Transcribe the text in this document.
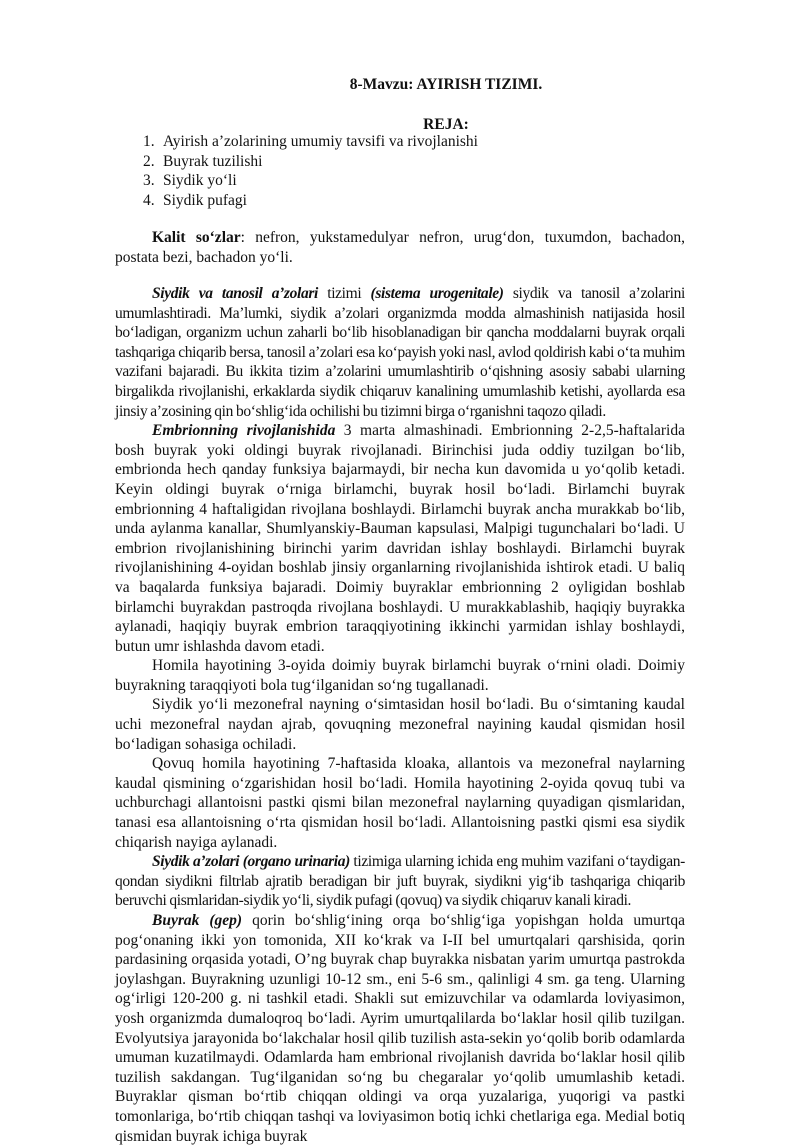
8-Mavzu: AYIRISH TIZIMI.
REJA:
1. Ayirish a’zolarining umumiy tavsifi va rivojlanishi
2. Buyrak tuzilishi
3. Siydik yo‘li
4. Siydik pufagi
Kalit so‘zlar: nefron, yukstamedulyar nefron, urug‘don, tuxumdon, bachadon, postata bezi, bachadon yo‘li.

Siydik va tanosil a’zolari tizimi (sistema urogenitale) siydik va tanosil a’zolarini umumlashtiradi. Ma’lumki, siydik a’zolari organizmda modda almashinish natijasida hosil bo‘ladigan, organizm uchun zaharli bo‘lib hisoblanadigan bir qancha moddalarni buyrak orqali tashqariga chiqarib bersa, tanosil a’zolari esa ko‘payish yoki nasl, avlod qoldirish kabi o‘ta muhim vazifani bajaradi. Bu ikkita tizim a’zolarini umumlashtirib o‘qishning asosiy sababi ularning birgalikda rivojlanishi, erkaklarda siydik chiqaruv kanalining umumlashib ketishi, ayollarda esa jinsiy a’zosining qin bo‘shlig‘ida ochilishi bu tizimni birga o‘rganishni taqozo qiladi.

Embrionning rivojlanishida 3 marta almashinadi. Embrionning 2-2,5-haftalarida bosh buyrak yoki oldingi buyrak rivojlanadi. Birinchisi juda oddiy tuzilgan bo‘lib, embrionda hech qanday funksiya bajarmaydi, bir necha kun davomida u yo‘qolib ketadi. Keyin oldingi buyrak o‘rniga birlamchi, buyrak hosil bo‘ladi. Birlamchi buyrak embrionning 4 haftaligidan rivojlana boshlaydi. Birlamchi buyrak ancha murakkab bo‘lib, unda aylanma kanallar, Shumlyanskiy-Bauman kapsulasi, Malpigi tugunchalari bo‘ladi. U embrion rivojlanishining birinchi yarim davridan ishlay boshlaydi. Birlamchi buyrak rivojlanishining 4-oyidan boshlab jinsiy organlarning rivojlanishida ishtirok etadi. U baliq va baqalarda funksiya bajaradi. Doimiy buyraklar embrionning 2 oyligidan boshlab birlamchi buyrakdan pastroqda rivojlana boshlaydi. U murakkablashib, haqiqiy buyrakka aylanadi, haqiqiy buyrak embrion taraqqiyotining ikkinchi yarmidan ishlay boshlaydi, butun umr ishlashda davom etadi.

Homila hayotining 3-oyida doimiy buyrak birlamchi buyrak o‘rnini oladi. Doimiy buyrakning taraqqiyoti bola tug‘ilganidan so‘ng tugallanadi.

Siydik yo‘li mezonefral nayning o‘simtasidan hosil bo‘ladi. Bu o‘simtaning kaudal uchi mezonefral naydan ajrab, qovuqning mezonefral nayining kaudal qismidan hosil bo‘ladigan sohasiga ochiladi.

Qovuq homila hayotining 7-haftasida kloaka, allantois va mezonefral naylarning kaudal qismining o‘zgarishidan hosil bo‘ladi. Homila hayotining 2-oyida qovuq tubi va uchburchagi allantoisni pastki qismi bilan mezonefral naylarning quyadigan qismlaridan, tanasi esa allantoisning o‘rta qismidan hosil bo‘ladi. Allantoisning pastki qismi esa siydik chiqarish nayiga aylanadi.

Siydik a’zolari (organo urinaria) tizimiga ularning ichida eng muhim vazifani o‘taydigan-qondan siydikni filtrlab ajratib beradigan bir juft buyrak, siydikni yig‘ib tashqariga chiqarib beruvchi qismlaridan-siydik yo‘li, siydik pufagi (qovuq) va siydik chiqaruv kanali kiradi.

Buyrak (gep) qorin bo‘shlig‘ining orqa bo‘shlig‘iga yopishgan holda umurtqa pog‘onaning ikki yon tomonida, XII ko‘krak va I-II bel umurtqalari qarshisida, qorin pardasining orqasida yotadi, O’ng buyrak chap buyrakka nisbatan yarim umurtqa pastrokda joylashgan. Buyrakning uzunligi 10-12 sm., eni 5-6 sm., qalinligi 4 sm. ga teng. Ularning og‘irligi 120-200 g. ni tashkil etadi. Shakli sut emizuvchilar va odamlarda loviyasimon, yosh organizmda dumaloqroq bo‘ladi. Ayrim umurtqalilarda bo‘laklar hosil qilib tuzilgan. Evolyutsiya jarayonida bo‘lakchalar hosil qilib tuzilish asta-sekin yo‘qolib borib odamlarda umuman kuzatilmaydi. Odamlarda ham embrional rivojlanish davrida bo‘laklar hosil qilib tuzilish sakdangan. Tug‘ilganidan so‘ng bu chegaralar yo‘qolib umumlashib ketadi. Buyraklar qisman bo‘rtib chiqqan oldingi va orqa yuzalariga, yuqorigi va pastki tomonlariga, bo‘rtib chiqqan tashqi va loviyasimon botiq ichki chetlariga ega. Medial botiq qismidan buyrak ichiga buyrak
